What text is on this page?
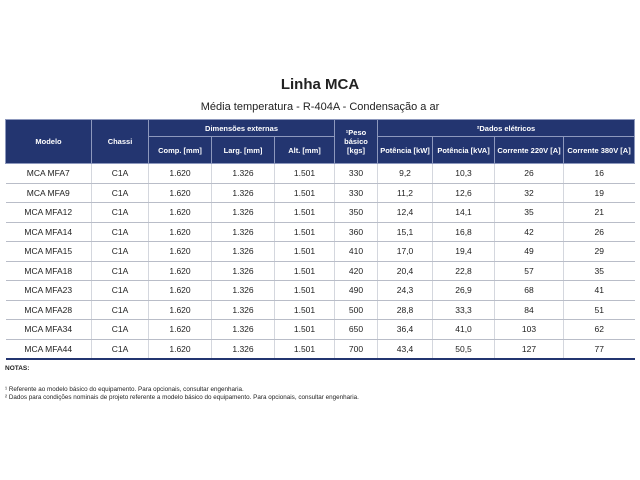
Linha MCA
Média temperatura - R-404A - Condensação a ar
Modelo	Chassi	Dimensões externas			¹Peso básico [kgs]	²Dados elétricos			
		Comp. [mm]	Larg. [mm]	Alt. [mm]		Potência [kW]	Potência [kVA]	Corrente 220V [A]	Corrente 380V [A]
MCA MFA7	C1A	1.620	1.326	1.501	330	9,2	10,3	26	16
MCA MFA9	C1A	1.620	1.326	1.501	330	11,2	12,6	32	19
MCA MFA12	C1A	1.620	1.326	1.501	350	12,4	14,1	35	21
MCA MFA14	C1A	1.620	1.326	1.501	360	15,1	16,8	42	26
MCA MFA15	C1A	1.620	1.326	1.501	410	17,0	19,4	49	29
MCA MFA18	C1A	1.620	1.326	1.501	420	20,4	22,8	57	35
MCA MFA23	C1A	1.620	1.326	1.501	490	24,3	26,9	68	41
MCA MFA28	C1A	1.620	1.326	1.501	500	28,8	33,3	84	51
MCA MFA34	C1A	1.620	1.326	1.501	650	36,4	41,0	103	62
MCA MFA44	C1A	1.620	1.326	1.501	700	43,4	50,5	127	77
NOTAS:
¹ Referente ao modelo básico do equipamento. Para opcionais, consultar engenharia.
² Dados para condições nominais de projeto referente a modelo básico do equipamento. Para opcionais, consultar engenharia.
